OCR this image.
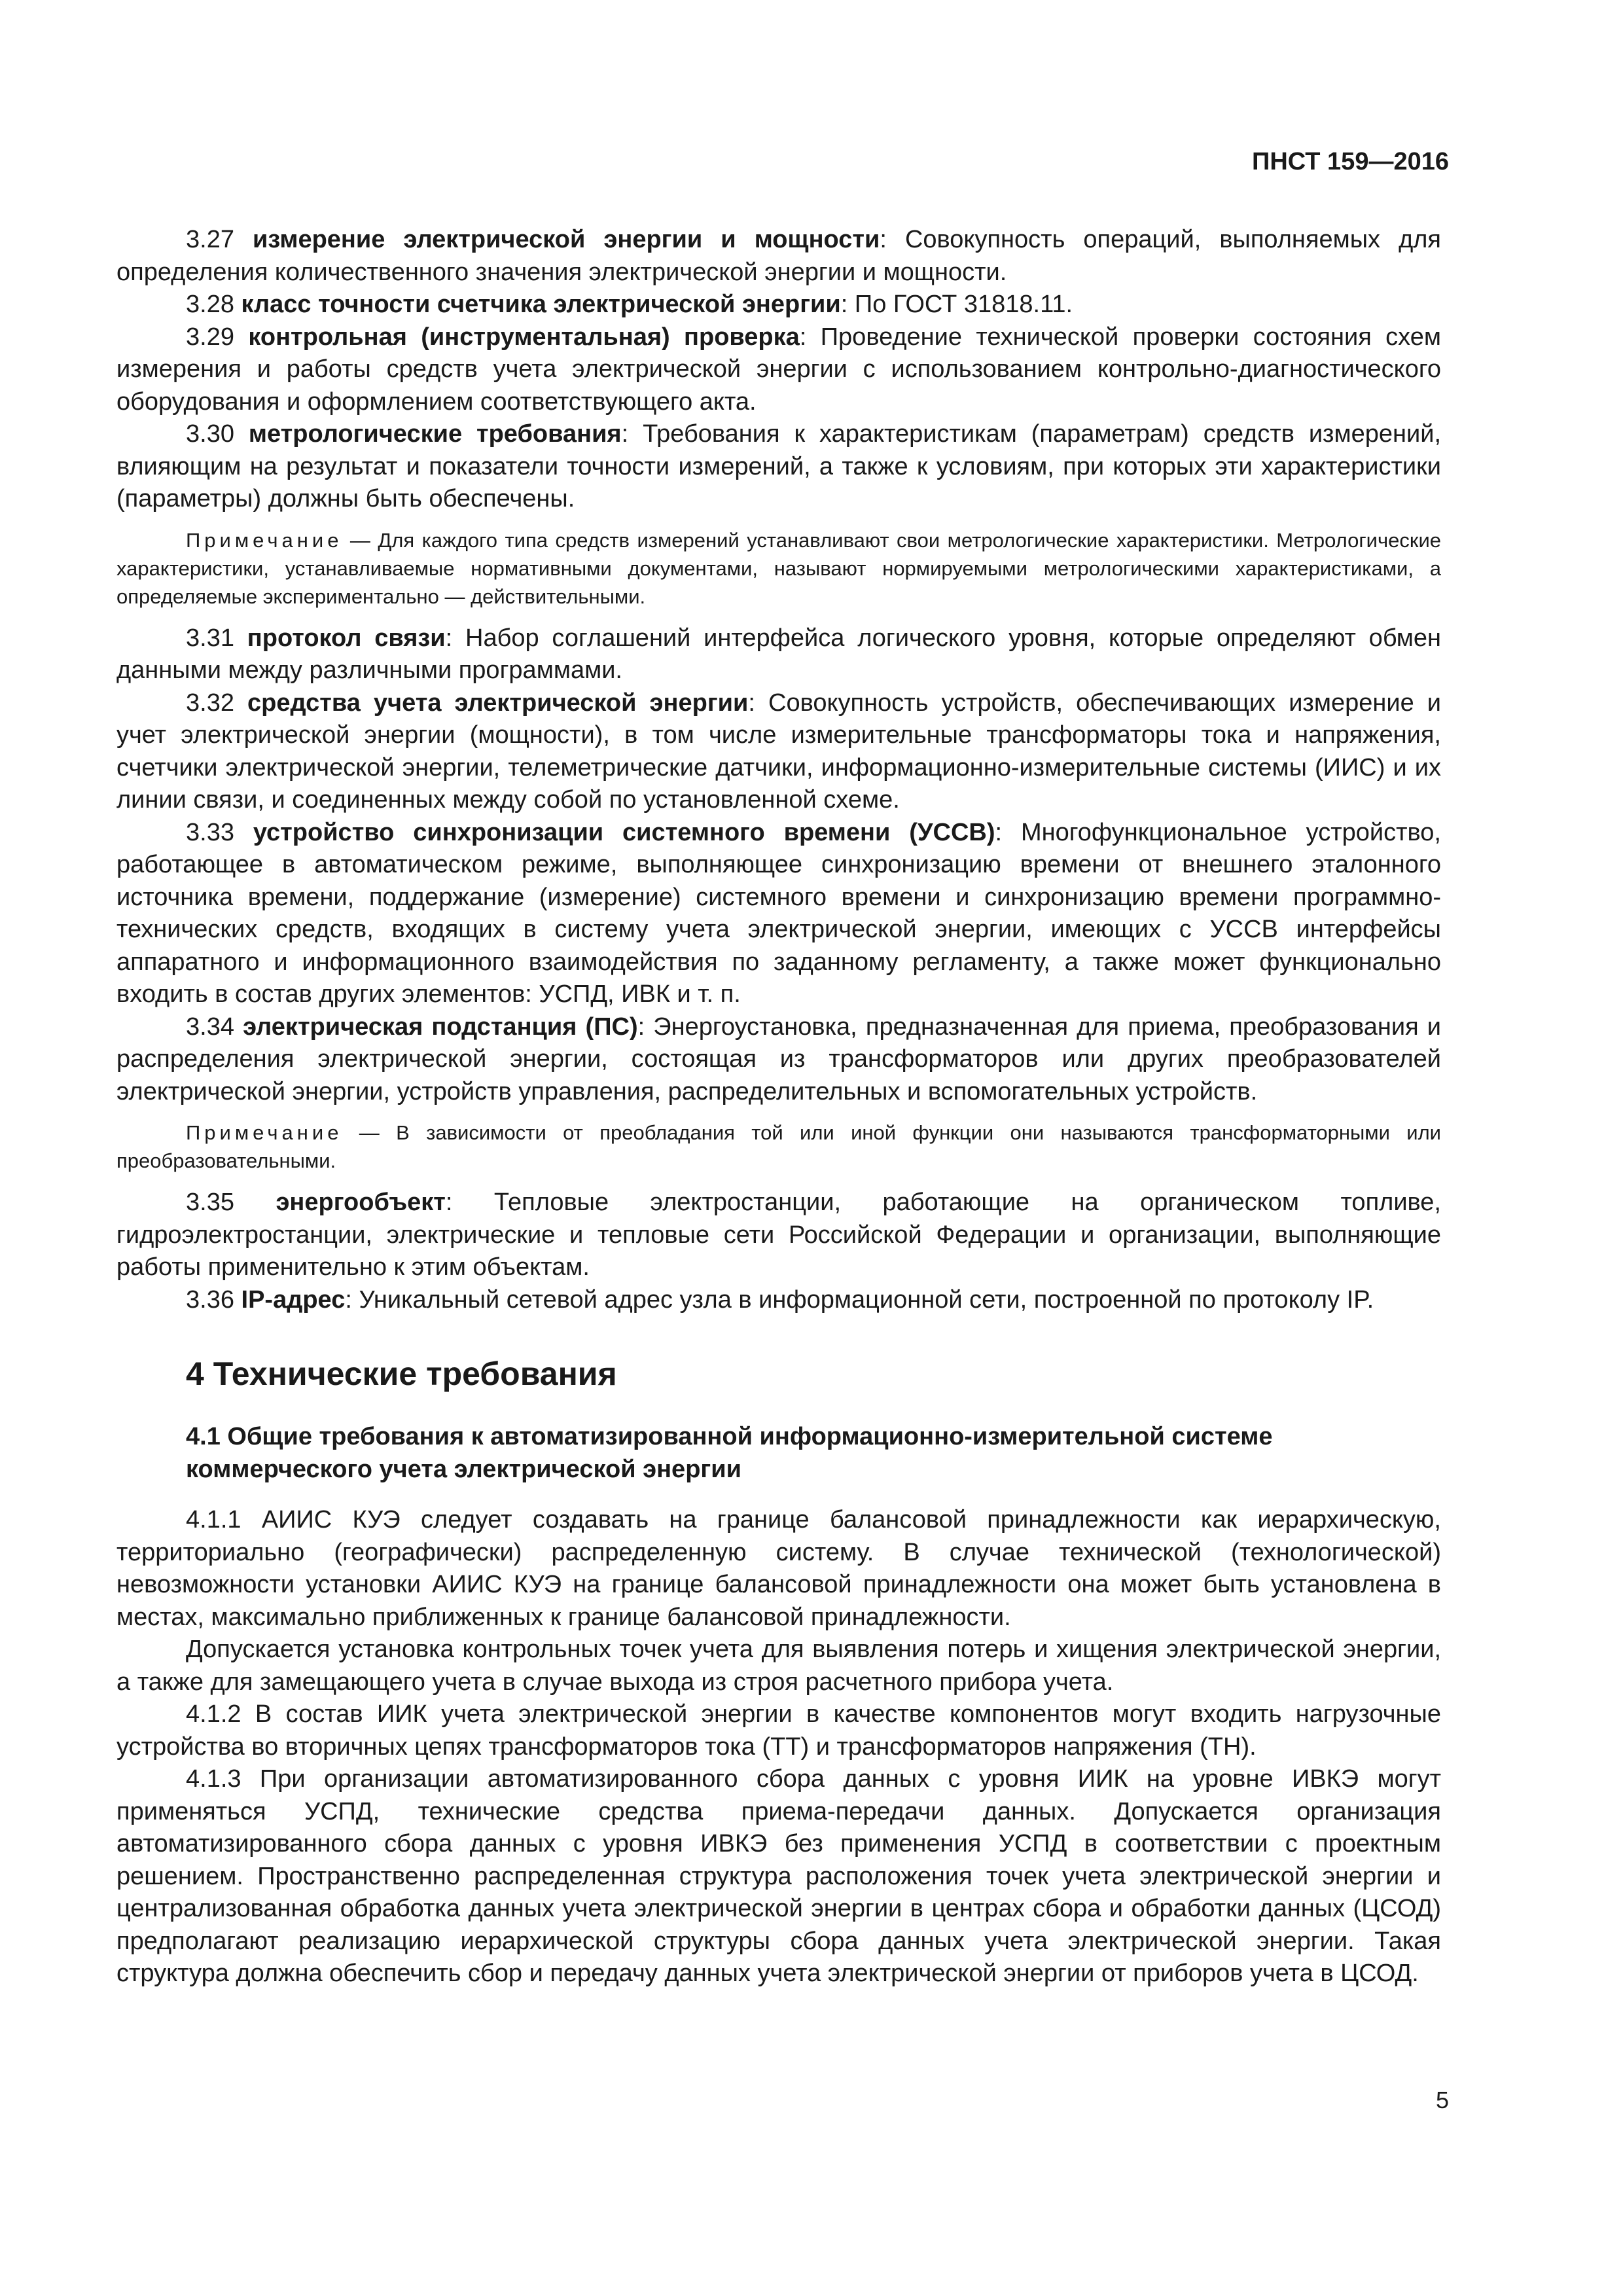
ПНСТ 159—2016

3.27 измерение электрической энергии и мощности: Совокупность операций, выполняемых для определения количественного значения электрической энергии и мощности.

3.28 класс точности счетчика электрической энергии: По ГОСТ 31818.11.

3.29 контрольная (инструментальная) проверка: Проведение технической проверки состояния схем измерения и работы средств учета электрической энергии с использованием контрольно-диагностического оборудования и оформлением соответствующего акта.

3.30 метрологические требования: Требования к характеристикам (параметрам) средств измерений, влияющим на результат и показатели точности измерений, а также к условиям, при которых эти характеристики (параметры) должны быть обеспечены.

Примечание — Для каждого типа средств измерений устанавливают свои метрологические характеристики. Метрологические характеристики, устанавливаемые нормативными документами, называют нормируемыми метрологическими характеристиками, а определяемые экспериментально — действительными.

3.31 протокол связи: Набор соглашений интерфейса логического уровня, которые определяют обмен данными между различными программами.

3.32 средства учета электрической энергии: Совокупность устройств, обеспечивающих измерение и учет электрической энергии (мощности), в том числе измерительные трансформаторы тока и напряжения, счетчики электрической энергии, телеметрические датчики, информационно-измерительные системы (ИИС) и их линии связи, и соединенных между собой по установленной схеме.

3.33 устройство синхронизации системного времени (УССВ): Многофункциональное устройство, работающее в автоматическом режиме, выполняющее синхронизацию времени от внешнего эталонного источника времени, поддержание (измерение) системного времени и синхронизацию времени программно-технических средств, входящих в систему учета электрической энергии, имеющих с УССВ интерфейсы аппаратного и информационного взаимодействия по заданному регламенту, а также может функционально входить в состав других элементов: УСПД, ИВК и т. п.

3.34 электрическая подстанция (ПС): Энергоустановка, предназначенная для приема, преобразования и распределения электрической энергии, состоящая из трансформаторов или других преобразователей электрической энергии, устройств управления, распределительных и вспомогательных устройств.

Примечание — В зависимости от преобладания той или иной функции они называются трансформаторными или преобразовательными.

3.35 энергообъект: Тепловые электростанции, работающие на органическом топливе, гидроэлектростанции, электрические и тепловые сети Российской Федерации и организации, выполняющие работы применительно к этим объектам.

3.36 IP-адрес: Уникальный сетевой адрес узла в информационной сети, построенной по протоколу IP.

4 Технические требования
4.1 Общие требования к автоматизированной информационно-измерительной системе коммерческого учета электрической энергии

4.1.1 АИИС КУЭ следует создавать на границе балансовой принадлежности как иерархическую, территориально (географически) распределенную систему. В случае технической (технологической) невозможности установки АИИС КУЭ на границе балансовой принадлежности она может быть установлена в местах, максимально приближенных к границе балансовой принадлежности.

Допускается установка контрольных точек учета для выявления потерь и хищения электрической энергии, а также для замещающего учета в случае выхода из строя расчетного прибора учета.

4.1.2 В состав ИИК учета электрической энергии в качестве компонентов могут входить нагрузочные устройства во вторичных цепях трансформаторов тока (ТТ) и трансформаторов напряжения (ТН).

4.1.3 При организации автоматизированного сбора данных с уровня ИИК на уровне ИВКЭ могут применяться УСПД, технические средства приема-передачи данных. Допускается организация автоматизированного сбора данных с уровня ИВКЭ без применения УСПД в соответствии с проектным решением. Пространственно распределенная структура расположения точек учета электрической энергии и централизованная обработка данных учета электрической энергии в центрах сбора и обработки данных (ЦСОД) предполагают реализацию иерархической структуры сбора данных учета электрической энергии. Такая структура должна обеспечить сбор и передачу данных учета электрической энергии от приборов учета в ЦСОД.

5
